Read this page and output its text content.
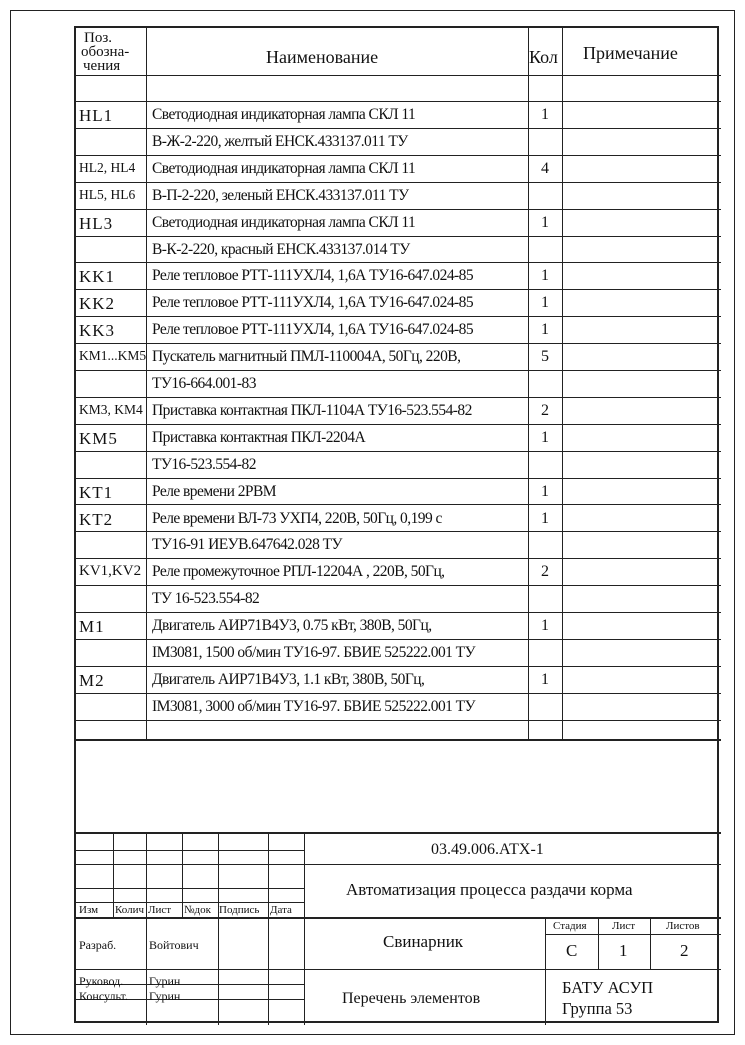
Поз.
обозна-
чения	Наименование	Кол Примечание
HL1	Светодиодная индикаторная лампа СКЛ 11	1
В-Ж-2-220, желтый ЕНСК.433137.011 ТУ
HL2, HL4 Светодиодная индикаторная лампа СКЛ 11	4
HL5, HL6 В-П-2-220, зеленый ЕНСК.433137.011 ТУ
HL3	Светодиодная индикаторная лампа СКЛ 11	1
В-К-2-220, красный ЕНСК.433137.014 ТУ
KK1 Реле тепловое РТТ-111УХЛ4, 1,6А ТУ16-647.024-85	1
KK2 Реле тепловое РТТ-111УХЛ4, 1,6А ТУ16-647.024-85	1
KK3 Реле тепловое РТТ-111УХЛ4, 1,6А ТУ16-647.024-85	1
KM1...KM5 Пускатель магнитный ПМЛ-110004А, 50Гц, 220В,	5
ТУ16-664.001-83
KM3, KM4 Приставка контактная ПКЛ-1104А ТУ16-523.554-82	2
KM5 Приставка контактная ПКЛ-2204А	1
ТУ16-523.554-82
KT1	Реле времени 2РВМ	1
KT2	Реле времени ВЛ-73 УХП4, 220В, 50Гц, 0,199 с	1
ТУ16-91 ИЕУВ.647642.028 ТУ
KV1,KV2 Реле промежуточное РПЛ-12204А , 220В, 50Гц,	2
ТУ 16-523.554-82
M1	Двигатель АИР71В4У3, 0.75 кВт, 380В, 50Гц,	1
IM3081, 1500 об/мин ТУ16-97. БВИЕ 525222.001 ТУ
M2	Двигатель АИР71В4У3, 1.1 кВт, 380В, 50Гц,	1
IM3081, 3000 об/мин ТУ16-97. БВИЕ 525222.001 ТУ
03.49.006.АТХ-1
Автоматизация процесса раздачи корма
Изм Колич Лист №док Подпись Дата
Свинарник
Стадия Лист	Листов
С 1	2
Разраб.	Войтович
Руковод. Гурин
Консульт. Гурин	Перечень элементов
БАТУ АСУП
Группа 53
